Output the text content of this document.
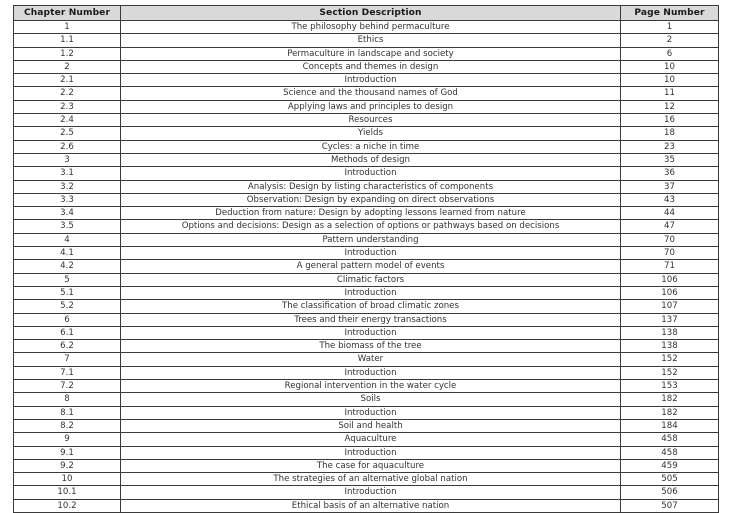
Chapter Number	Section Description	Page Number
1	The philosophy behind permaculture	1
1.1	Ethics	2
1.2	Permaculture in landscape and society	6
2	Concepts and themes in design	10
2.1	Introduction	10
2.2	Science and the thousand names of God	11
2.3	Applying laws and principles to design	12
2.4	Resources	16
2.5	Yields	18
2.6	Cycles: a niche in time	23
3	Methods of design	35
3.1	Introduction	36
3.2	Analysis: Design by listing characteristics of components	37
3.3	Observation: Design by expanding on direct observations	43
3.4	Deduction from nature: Design by adopting lessons learned from nature	44
3.5	Options and decisions: Design as a selection of options or pathways based on decisions	47
4	Pattern understanding	70
4.1	Introduction	70
4.2	A general pattern model of events	71
5	Climatic factors	106
5.1	Introduction	106
5.2	The classification of broad climatic zones	107
6	Trees and their energy transactions	137
6.1	Introduction	138
6.2	The biomass of the tree	138
7	Water	152
7.1	Introduction	152
7.2	Regional intervention in the water cycle	153
8	Soils	182
8.1	Introduction	182
8.2	Soil and health	184
9	Aquaculture	458
9.1	Introduction	458
9.2	The case for aquaculture	459
10	The strategies of an alternative global nation	505
10.1	Introduction	506
10.2	Ethical basis of an alternative nation	507
